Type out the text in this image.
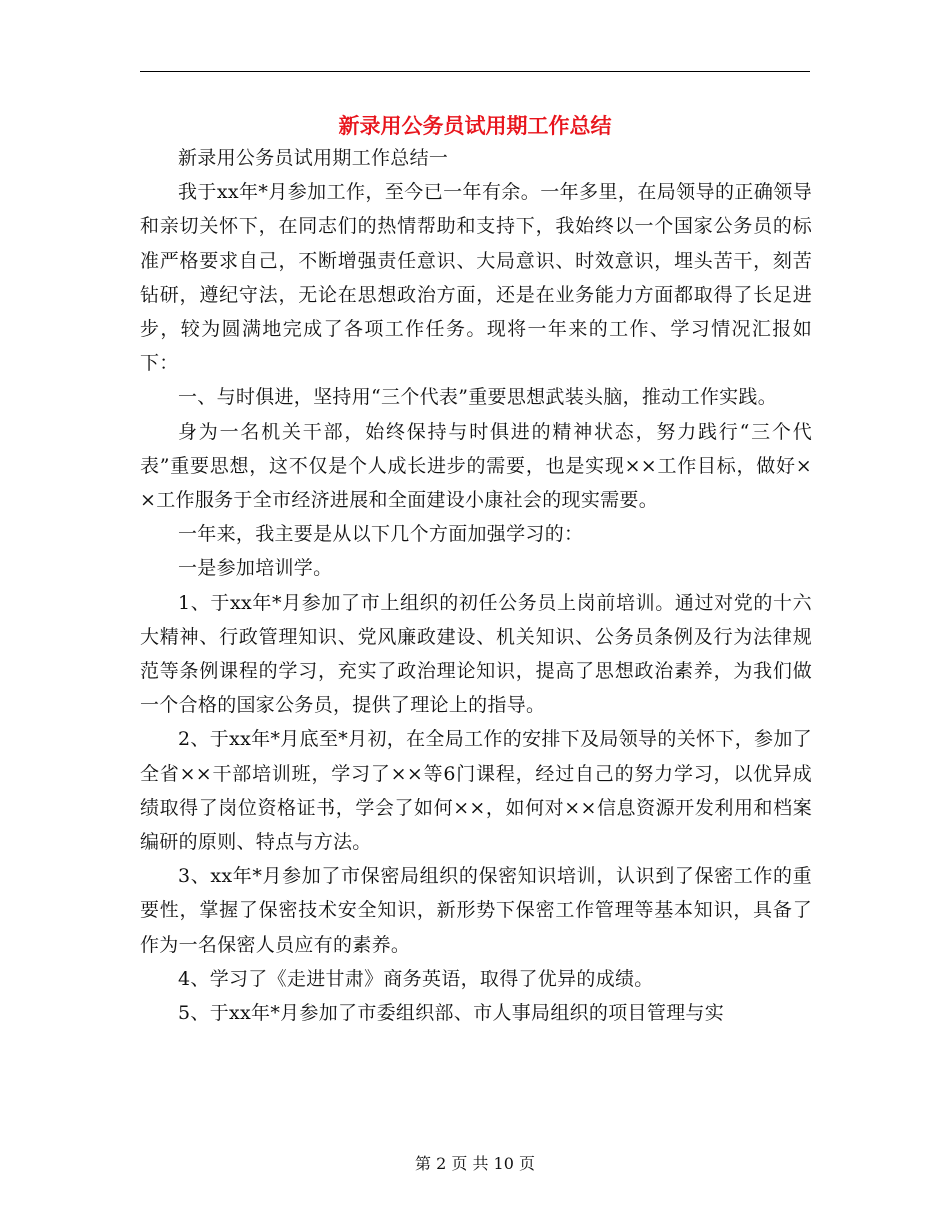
新录用公务员试用期工作总结

新录用公务员试用期工作总结一

我于xx年*月参加工作，至今已一年有余。一年多里，在局领导的正确领导和亲切关怀下，在同志们的热情帮助和支持下，我始终以一个国家公务员的标准严格要求自己，不断增强责任意识、大局意识、时效意识，埋头苦干，刻苦钻研，遵纪守法，无论在思想政治方面，还是在业务能力方面都取得了长足进步，较为圆满地完成了各项工作任务。现将一年来的工作、学习情况汇报如下：

一、与时俱进，坚持用“三个代表”重要思想武装头脑，推动工作实践。

身为一名机关干部，始终保持与时俱进的精神状态，努力践行“三个代表”重要思想，这不仅是个人成长进步的需要，也是实现××工作目标，做好××工作服务于全市经济进展和全面建设小康社会的现实需要。

一年来，我主要是从以下几个方面加强学习的：

一是参加培训学。

1、于xx年*月参加了市上组织的初任公务员上岗前培训。通过对党的十六大精神、行政管理知识、党风廉政建设、机关知识、公务员条例及行为法律规范等条例课程的学习，充实了政治理论知识，提高了思想政治素养，为我们做一个合格的国家公务员，提供了理论上的指导。

2、于xx年*月底至*月初，在全局工作的安排下及局领导的关怀下，参加了全省××干部培训班，学习了××等6门课程，经过自己的努力学习，以优异成绩取得了岗位资格证书，学会了如何××，如何对××信息资源开发利用和档案编研的原则、特点与方法。

3、xx年*月参加了市保密局组织的保密知识培训，认识到了保密工作的重要性，掌握了保密技术安全知识，新形势下保密工作管理等基本知识，具备了作为一名保密人员应有的素养。

4、学习了《走进甘肃》商务英语，取得了优异的成绩。

5、于xx年*月参加了市委组织部、市人事局组织的项目管理与实

第 2 页 共 10 页
